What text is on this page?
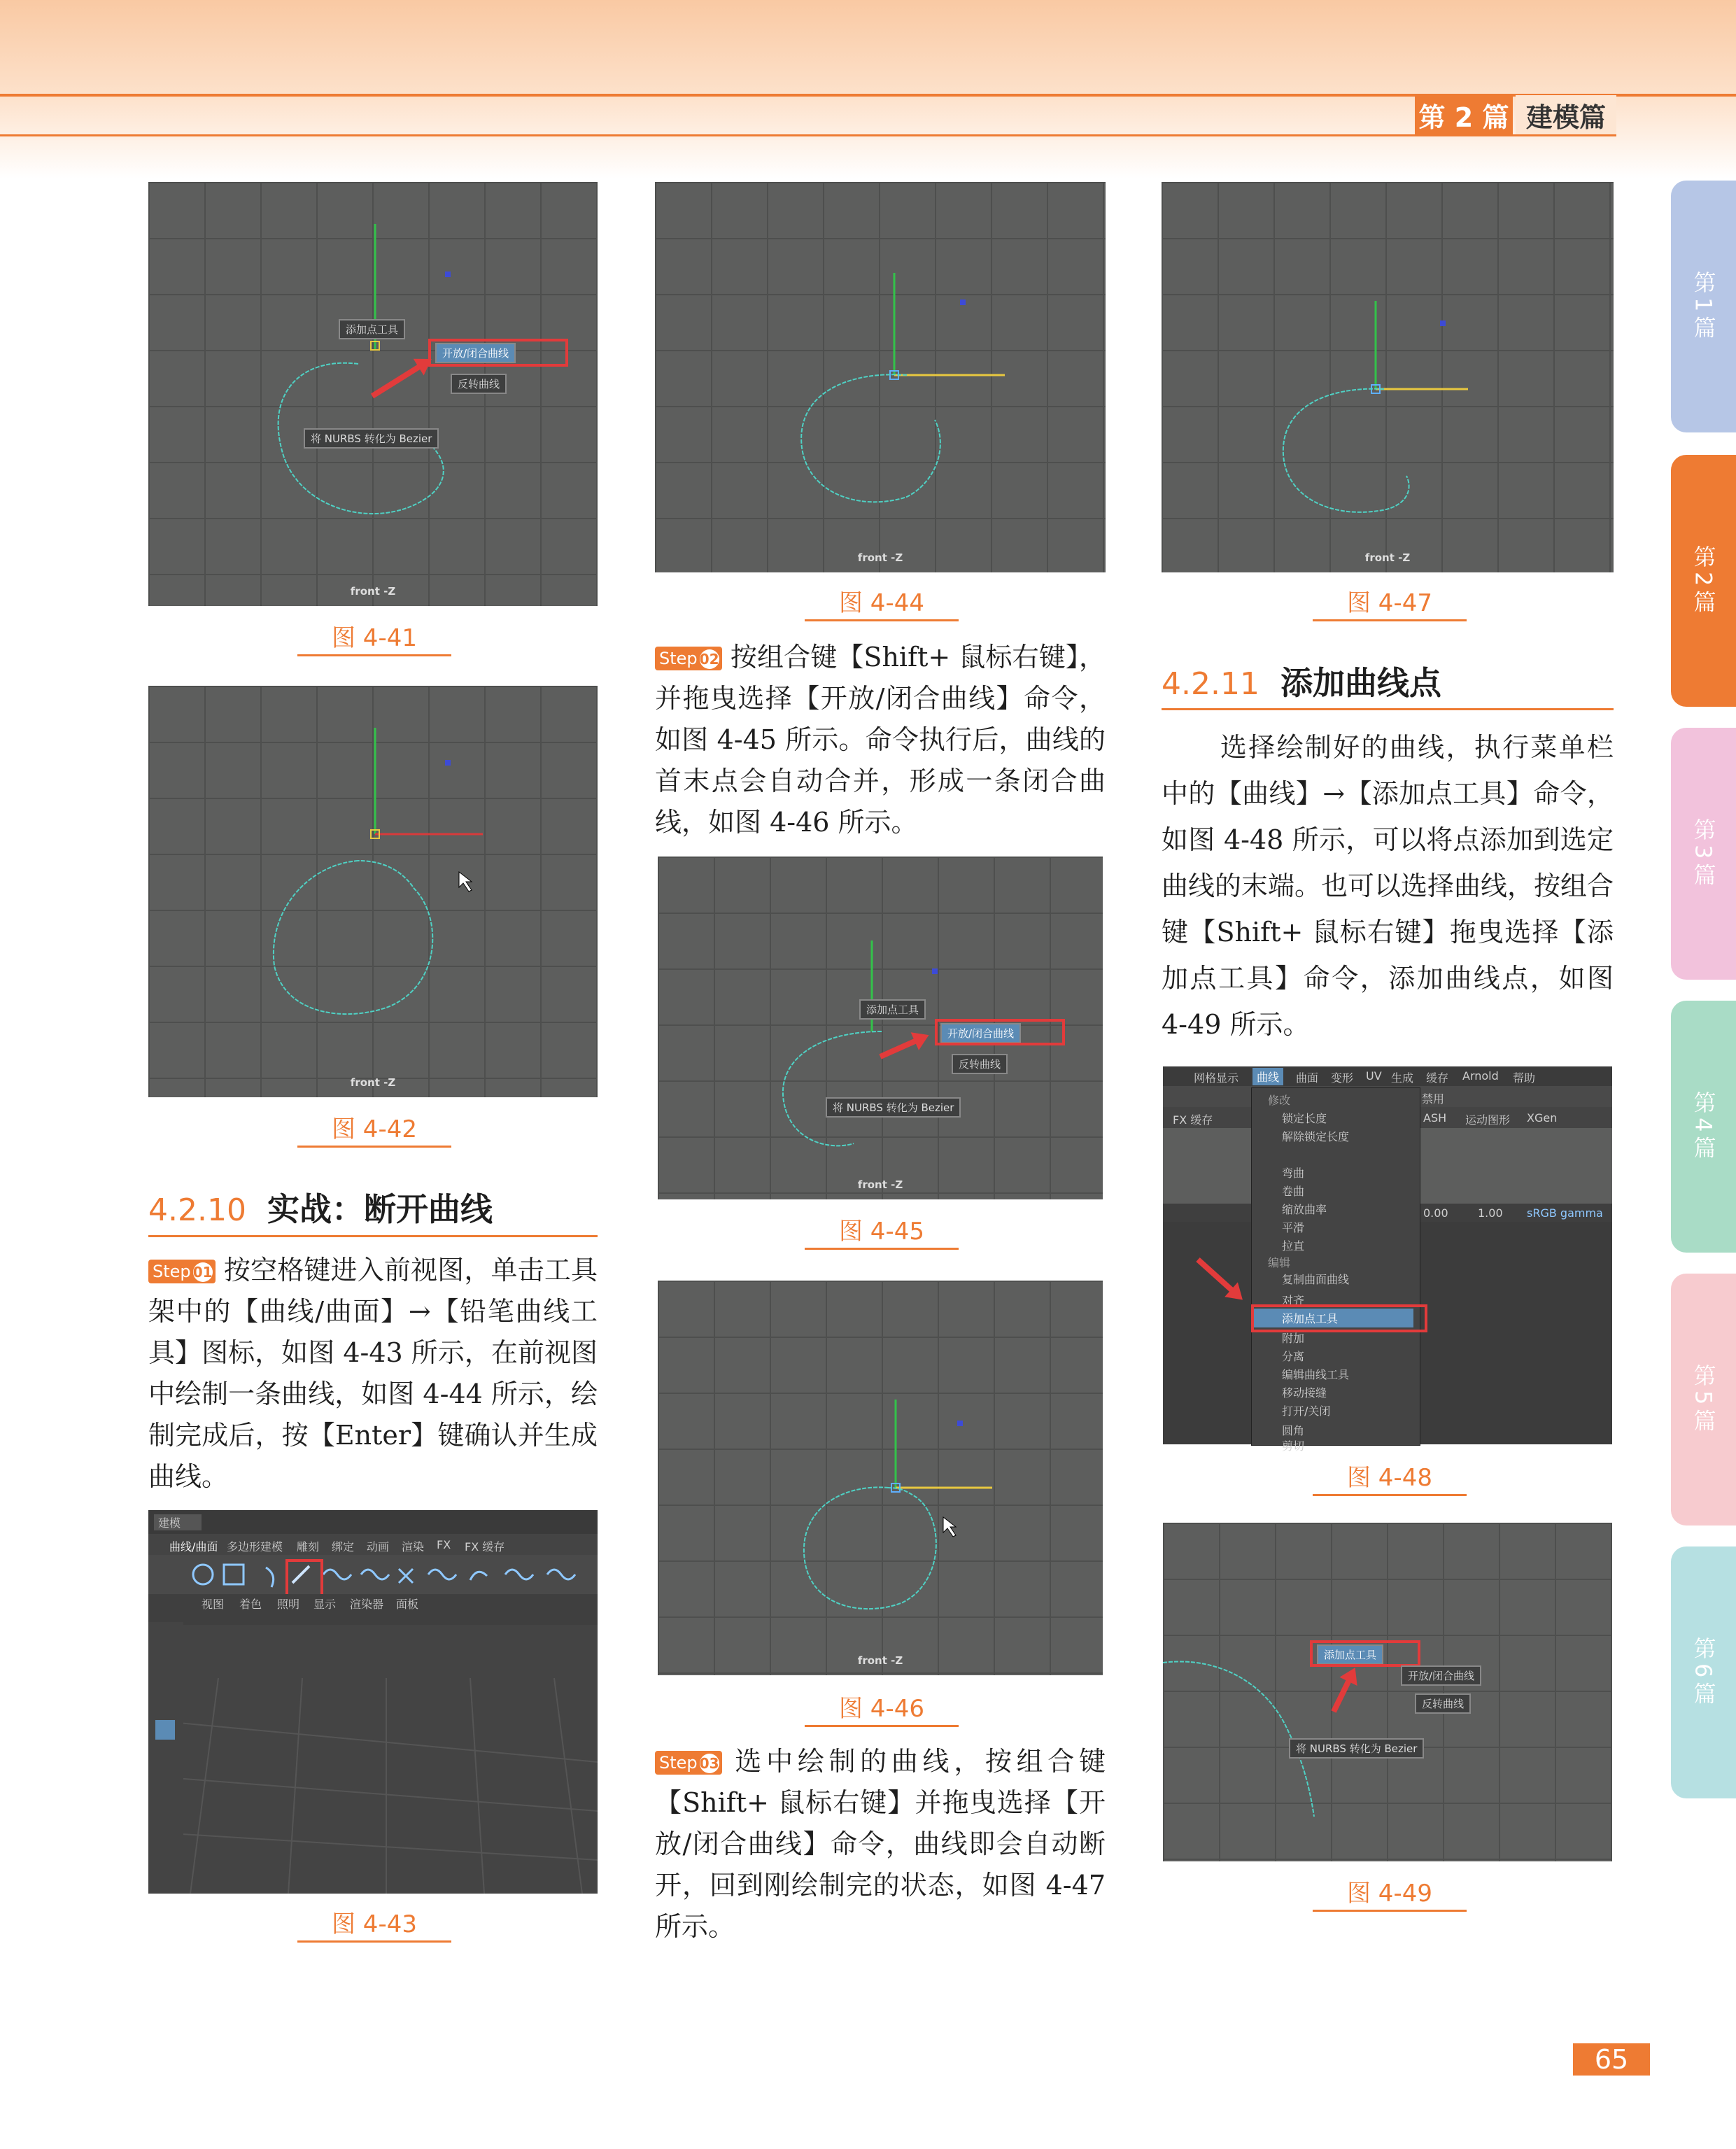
第 2 篇 建模篇
第1篇
第2篇
第3篇
第4篇
第5篇
第6篇
添加点工具
开放/闭合曲线
反转曲线
将 NURBS 转化为 Bezier
front -Z
图 4-41
front -Z
图 4-42
4.2.10 实战：断开曲线
Step 01 按空格键进入前视图，单击工具架中的【曲线/曲面】→【铅笔曲线工具】图标，如图 4-43 所示，在前视图中绘制一条曲线，如图 4-44 所示，绘制完成后，按【Enter】键确认并生成曲线。
建模
曲线/曲面 多边形建模 雕刻 绑定 动画 渲染 FX FX 缓存
视图 着色 照明 显示 渲染器 面板
图 4-43
front -Z
图 4-44
Step 02 按组合键【Shift+ 鼠标右键】，并拖曳选择【开放/闭合曲线】命令，如图 4-45 所示。命令执行后，曲线的首末点会自动合并，形成一条闭合曲线，如图 4-46 所示。
添加点工具
开放/闭合曲线
反转曲线
将 NURBS 转化为 Bezier
front -Z
图 4-45
front -Z
图 4-46
Step 03 选中绘制的曲线，按组合键【Shift+ 鼠标右键】并拖曳选择【开放/闭合曲线】命令，曲线即会自动断开，回到刚绘制完的状态，如图 4-47 所示。
front -Z
图 4-47
4.2.11 添加曲线点
选择绘制好的曲线，执行菜单栏中的【曲线】→【添加点工具】命令，如图 4-48 所示，可以将点添加到选定曲线的末端。也可以选择曲线，按组合键【Shift+ 鼠标右键】拖曳选择【添加点工具】命令，添加曲线点，如图 4-49 所示。
网格显示	曲线	曲面 变形 UV 生成 缓存 Arnold 帮助
禁用
FX 缓存	ASH 运动图形 XGen
0.00	1.00 sRGB gamma
修改
锁定长度
解除锁定长度
弯曲
卷曲
缩放曲率
平滑
拉直
编辑
复制曲面曲线
对齐
添加点工具
附加
分离
编辑曲线工具
移动接缝
打开/关闭
圆角
剪切
图 4-48
添加点工具
开放/闭合曲线
反转曲线
将 NURBS 转化为 Bezier
图 4-49
65
